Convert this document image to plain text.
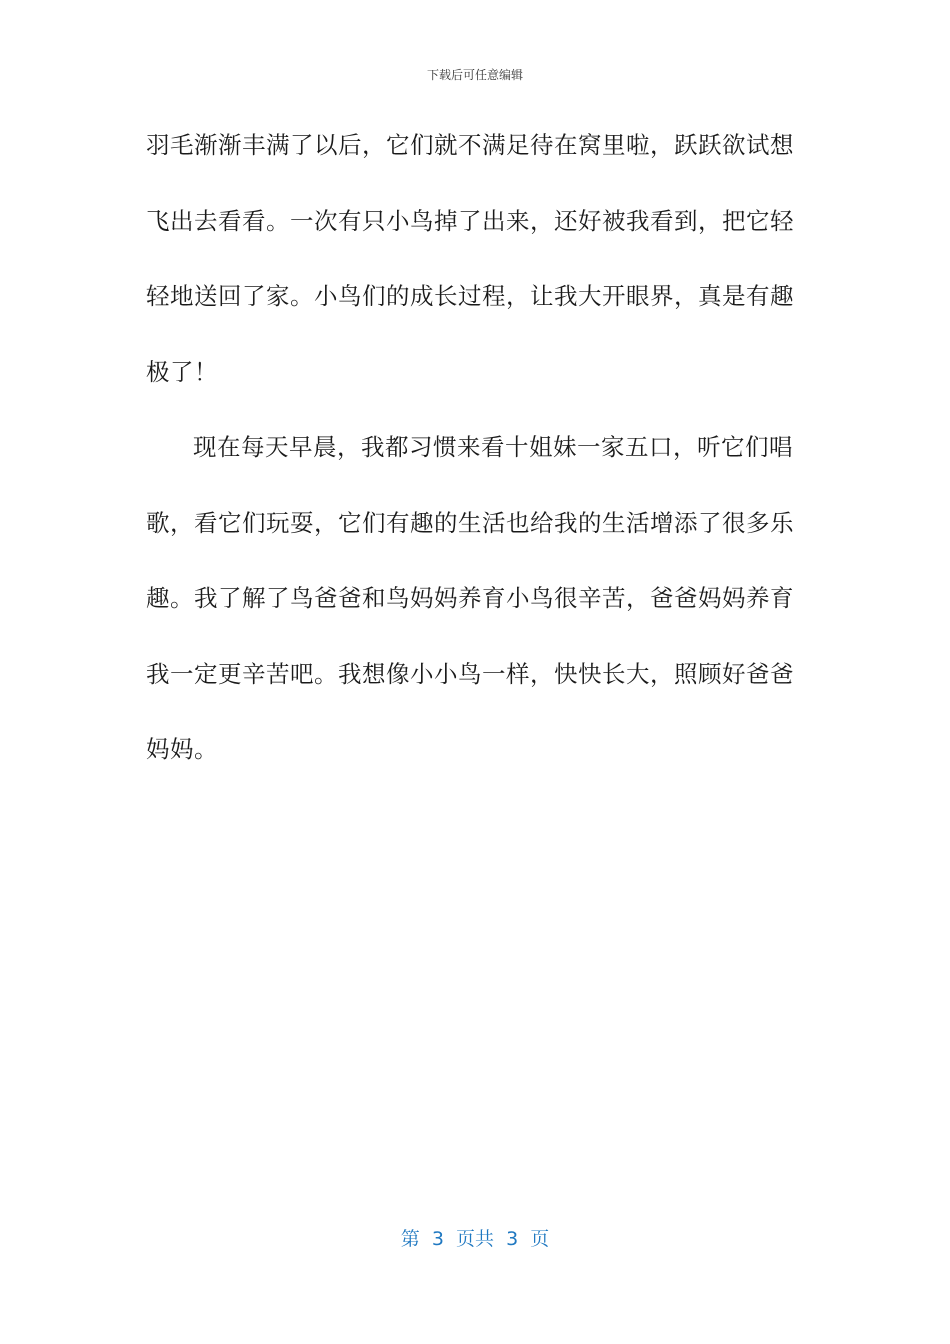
下载后可任意编辑
羽毛渐渐丰满了以后，它们就不满足待在窝里啦，跃跃欲试想
飞出去看看。一次有只小鸟掉了出来，还好被我看到，把它轻
轻地送回了家。小鸟们的成长过程，让我大开眼界，真是有趣
极了！
现在每天早晨，我都习惯来看十姐妹一家五口，听它们唱
歌，看它们玩耍，它们有趣的生活也给我的生活增添了很多乐
趣。我了解了鸟爸爸和鸟妈妈养育小鸟很辛苦，爸爸妈妈养育
我一定更辛苦吧。我想像小小鸟一样，快快长大，照顾好爸爸
妈妈。
第  3  页共  3  页
